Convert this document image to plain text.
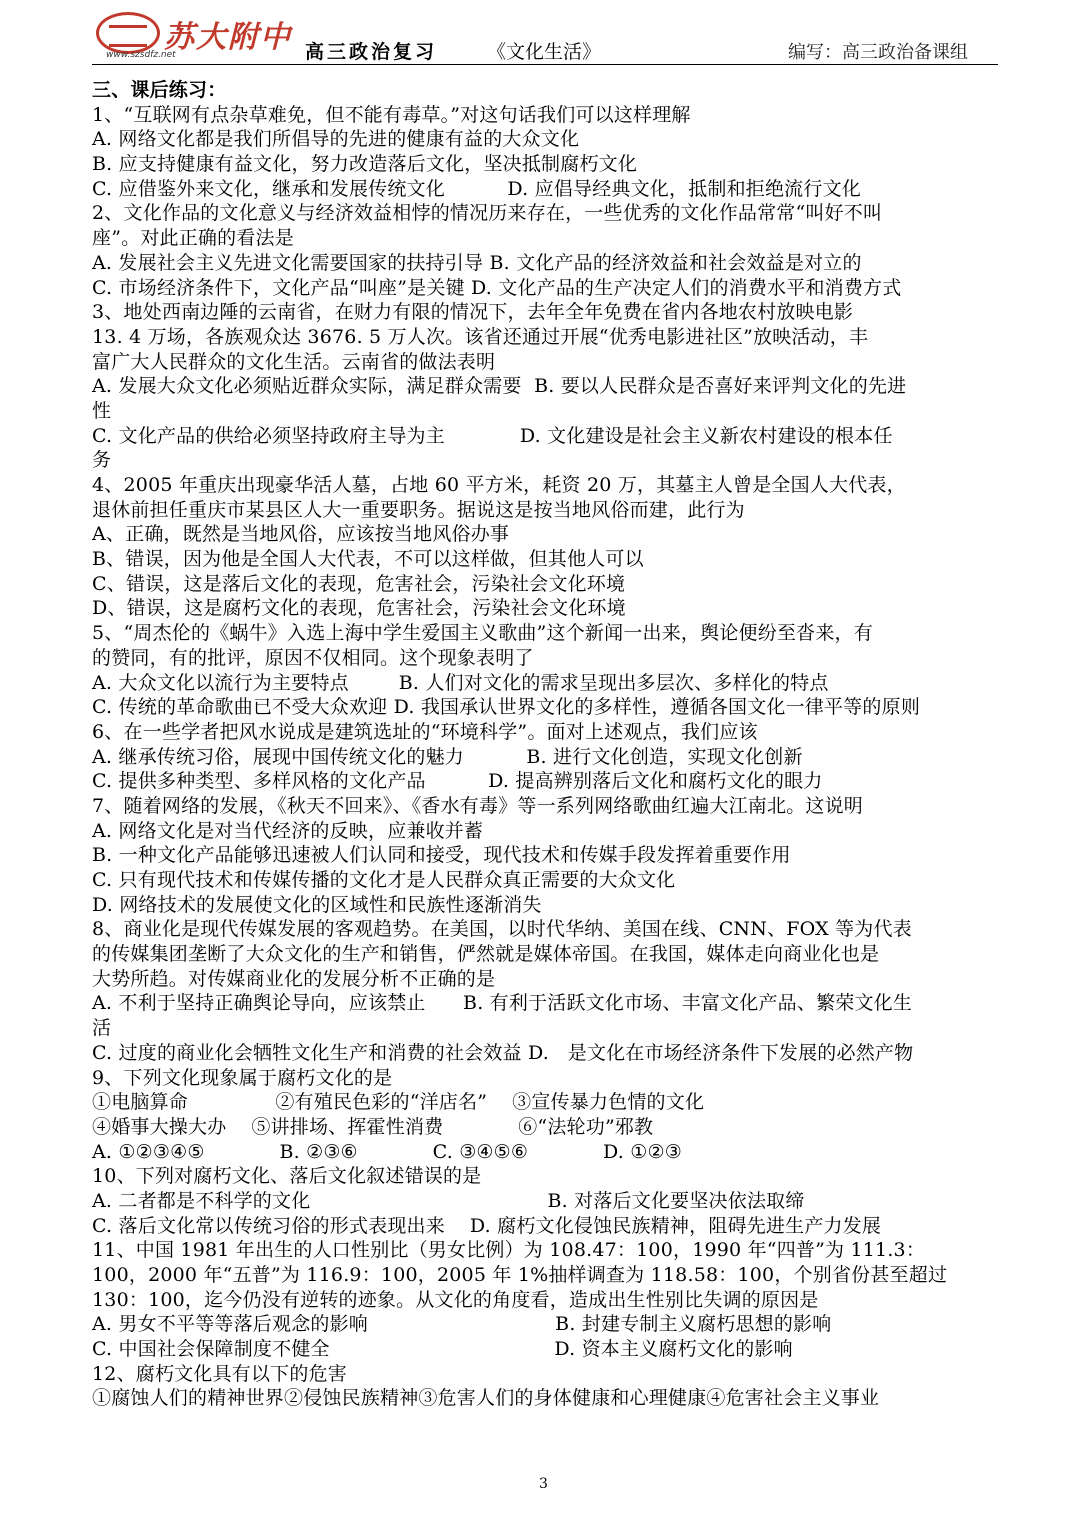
苏大附中
www.szsdfz.net	高三政治复习	《文化生活》	编写：高三政治备课组
三、课后练习：
1、“互联网有点杂草难免，但不能有毒草。”对这句话我们可以这样理解
A. 网络文化都是我们所倡导的先进的健康有益的大众文化
B. 应支持健康有益文化，努力改造落后文化，坚决抵制腐朽文化
C. 应借鉴外来文化，继承和发展传统文化          D. 应倡导经典文化，抵制和拒绝流行文化
2、文化作品的文化意义与经济效益相悖的情况历来存在，一些优秀的文化作品常常“叫好不叫
座”。对此正确的看法是
A. 发展社会主义先进文化需要国家的扶持引导 B. 文化产品的经济效益和社会效益是对立的
C. 市场经济条件下，文化产品“叫座”是关键 D. 文化产品的生产决定人们的消费水平和消费方式
3、地处西南边陲的云南省，在财力有限的情况下，去年全年免费在省内各地农村放映电影
13. 4 万场，各族观众达 3676. 5 万人次。该省还通过开展“优秀电影进社区”放映活动，丰
富广大人民群众的文化生活。云南省的做法表明
A. 发展大众文化必须贴近群众实际，满足群众需要  B. 要以人民群众是否喜好来评判文化的先进
性
C. 文化产品的供给必须坚持政府主导为主            D. 文化建设是社会主义新农村建设的根本任
务
4、2005 年重庆出现豪华活人墓，占地 60 平方米，耗资 20 万，其墓主人曾是全国人大代表，
退休前担任重庆市某县区人大一重要职务。据说这是按当地风俗而建，此行为
A、正确，既然是当地风俗，应该按当地风俗办事
B、错误，因为他是全国人大代表，不可以这样做，但其他人可以
C、错误，这是落后文化的表现，危害社会，污染社会文化环境
D、错误，这是腐朽文化的表现，危害社会，污染社会文化环境
5、“周杰伦的《蜗牛》入选上海中学生爱国主义歌曲”这个新闻一出来，舆论便纷至沓来，有
的赞同，有的批评，原因不仅相同。这个现象表明了
A. 大众文化以流行为主要特点        B. 人们对文化的需求呈现出多层次、多样化的特点
C. 传统的革命歌曲已不受大众欢迎 D. 我国承认世界文化的多样性，遵循各国文化一律平等的原则
6、在一些学者把风水说成是建筑选址的“环境科学”。面对上述观点，我们应该
A. 继承传统习俗，展现中国传统文化的魅力          B. 进行文化创造，实现文化创新
C. 提供多种类型、多样风格的文化产品          D. 提高辨别落后文化和腐朽文化的眼力
7、随着网络的发展，《秋天不回来》、《香水有毒》等一系列网络歌曲红遍大江南北。这说明
A. 网络文化是对当代经济的反映，应兼收并蓄
B. 一种文化产品能够迅速被人们认同和接受，现代技术和传媒手段发挥着重要作用
C. 只有现代技术和传媒传播的文化才是人民群众真正需要的大众文化
D. 网络技术的发展使文化的区域性和民族性逐渐消失
8、商业化是现代传媒发展的客观趋势。在美国，以时代华纳、美国在线、CNN、FOX 等为代表
的传媒集团垄断了大众文化的生产和销售，俨然就是媒体帝国。在我国，媒体走向商业化也是
大势所趋。对传媒商业化的发展分析不正确的是
A. 不利于坚持正确舆论导向，应该禁止      B. 有利于活跃文化市场、丰富文化产品、繁荣文化生
活
C. 过度的商业化会牺牲文化生产和消费的社会效益 D.   是文化在市场经济条件下发展的必然产物
9、下列文化现象属于腐朽文化的是
①电脑算命              ②有殖民色彩的“洋店名”    ③宣传暴力色情的文化
④婚事大操大办    ⑤讲排场、挥霍性消费            ⑥“法轮功”邪教
A. ①②③④⑤            B. ②③⑥            C. ③④⑤⑥            D. ①②③
10、下列对腐朽文化、落后文化叙述错误的是
A. 二者都是不科学的文化                                      B. 对落后文化要坚决依法取缔
C. 落后文化常以传统习俗的形式表现出来    D. 腐朽文化侵蚀民族精神，阻碍先进生产力发展
11、中国 1981 年出生的人口性别比（男女比例）为 108.47：100，1990 年“四普”为 111.3：
100，2000 年“五普”为 116.9：100，2005 年 1%抽样调查为 118.58：100，个别省份甚至超过
130：100，迄今仍没有逆转的迹象。从文化的角度看，造成出生性别比失调的原因是
A. 男女不平等等落后观念的影响                              B. 封建专制主义腐朽思想的影响
C. 中国社会保障制度不健全                                    D. 资本主义腐朽文化的影响
12、腐朽文化具有以下的危害
①腐蚀人们的精神世界②侵蚀民族精神③危害人们的身体健康和心理健康④危害社会主义事业
3
